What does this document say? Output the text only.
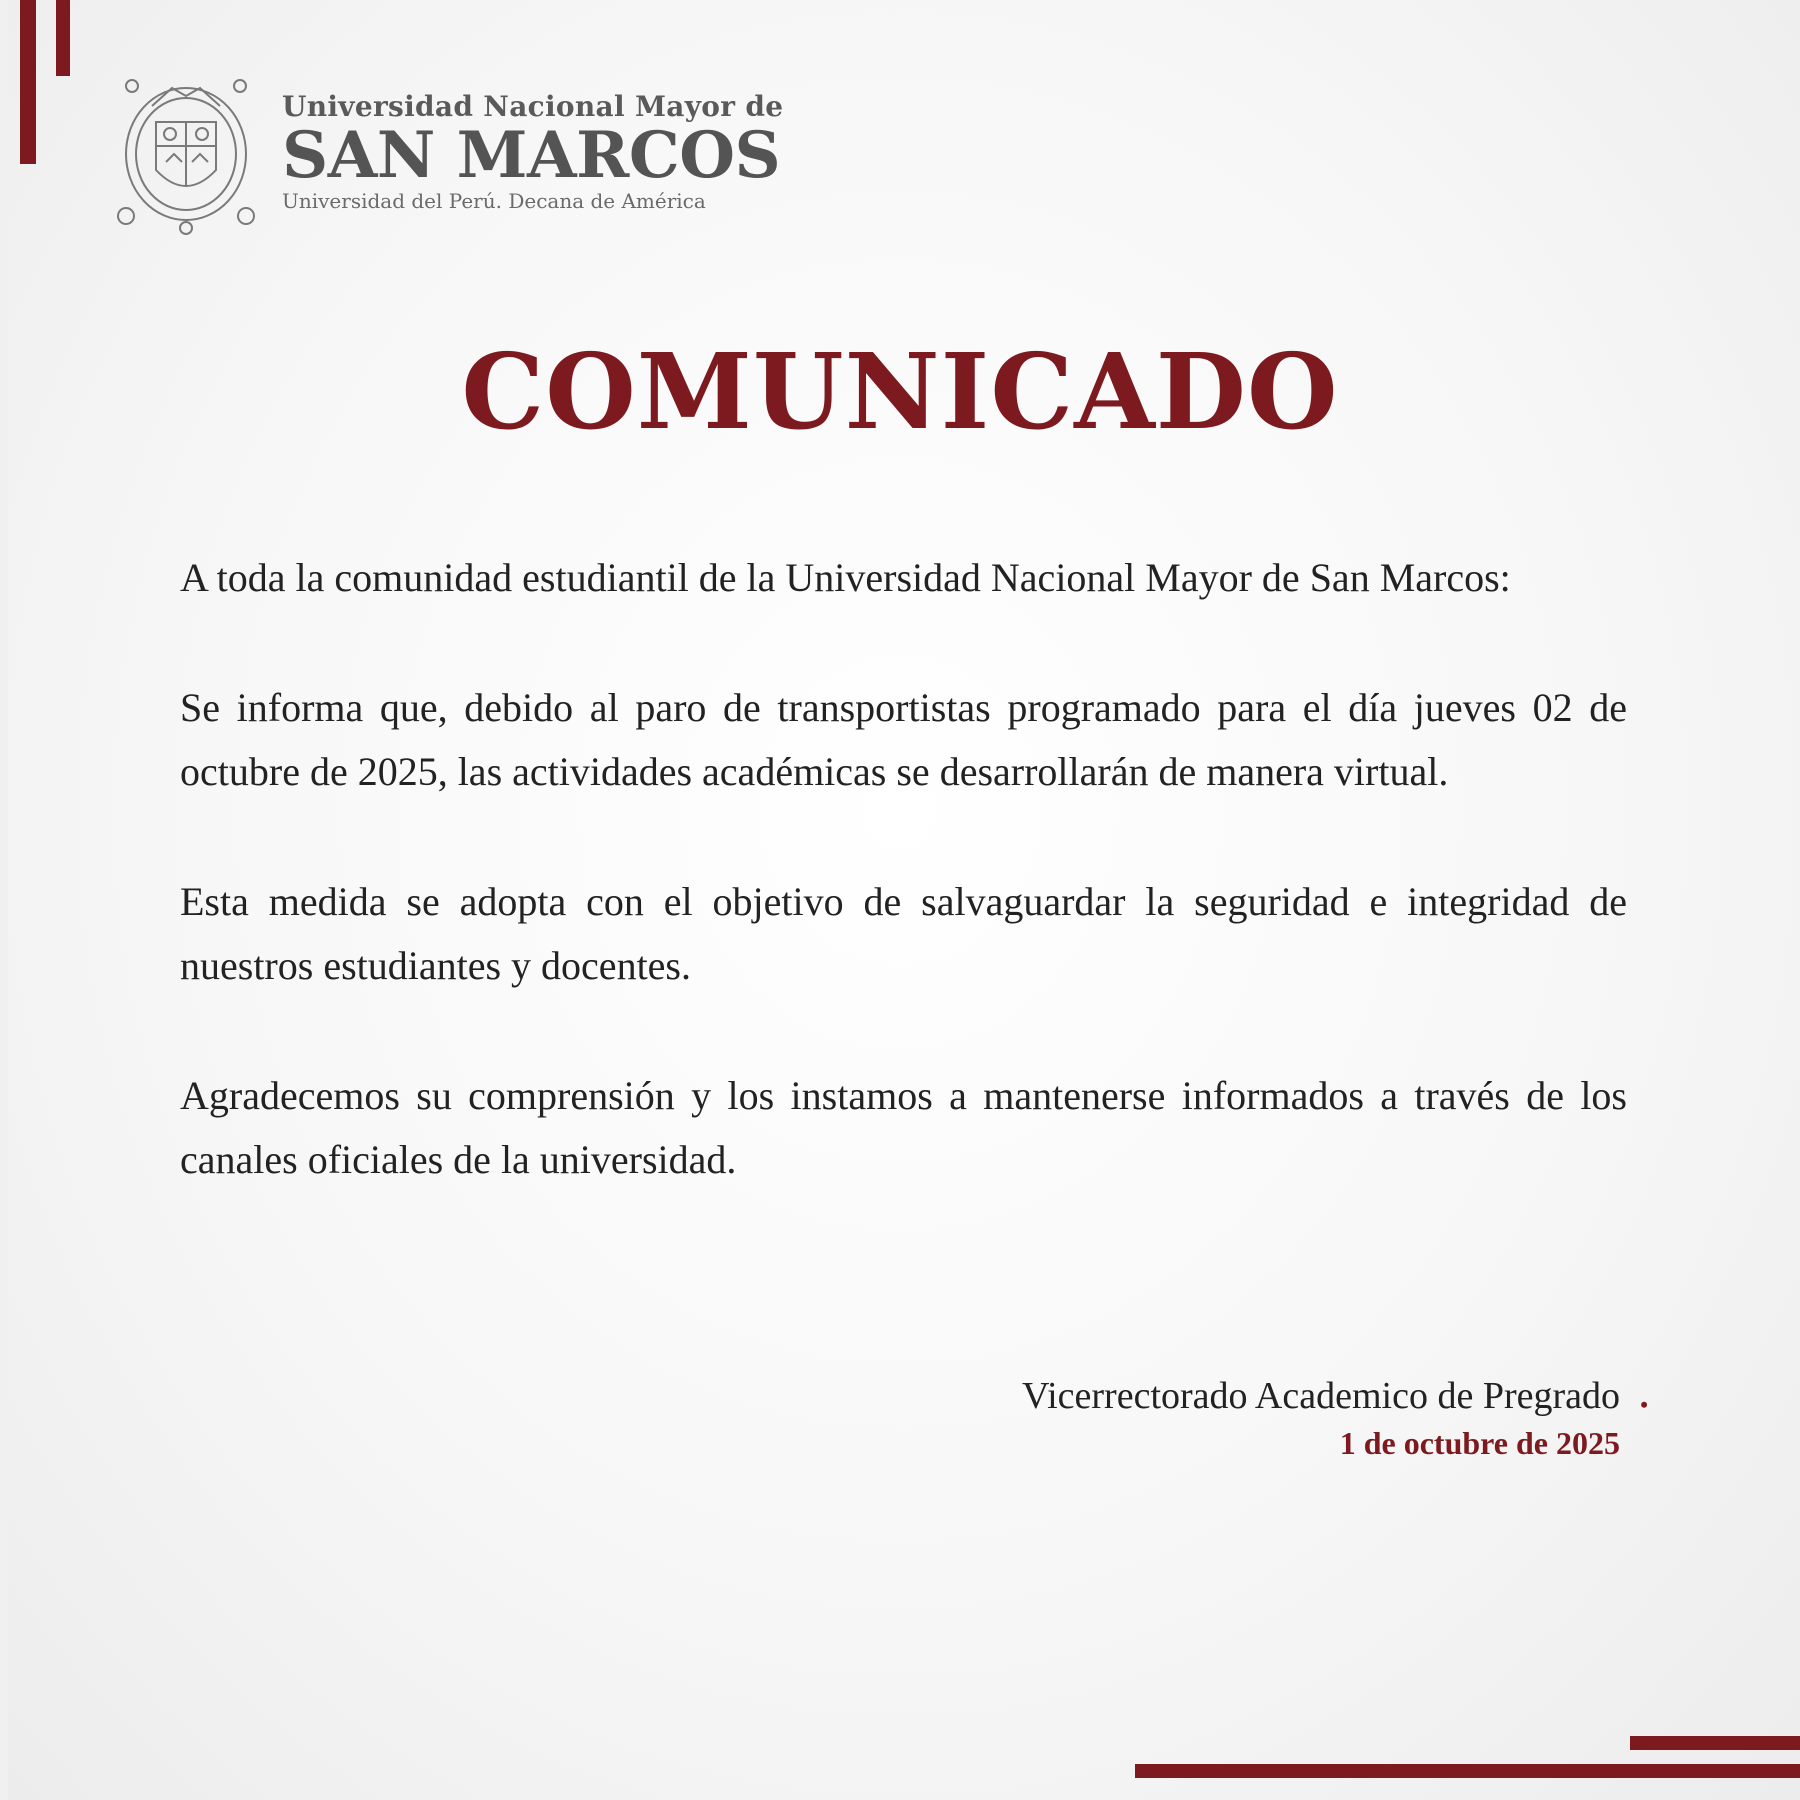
Universidad Nacional Mayor de
SAN MARCOS
Universidad del Perú. Decana de América
COMUNICADO

A toda la comunidad estudiantil de la Universidad Nacional Mayor de San Marcos:

Se informa que, debido al paro de transportistas programado para el día jueves 02 de octubre de 2025, las actividades académicas se desarrollarán de manera virtual.

Esta medida se adopta con el objetivo de salvaguardar la seguridad e integridad de nuestros estudiantes y docentes.

Agradecemos su comprensión y los instamos a mantenerse informados a través de los canales oficiales de la universidad.

Vicerrectorado Academico de Pregrado
1 de octubre de 2025
•
